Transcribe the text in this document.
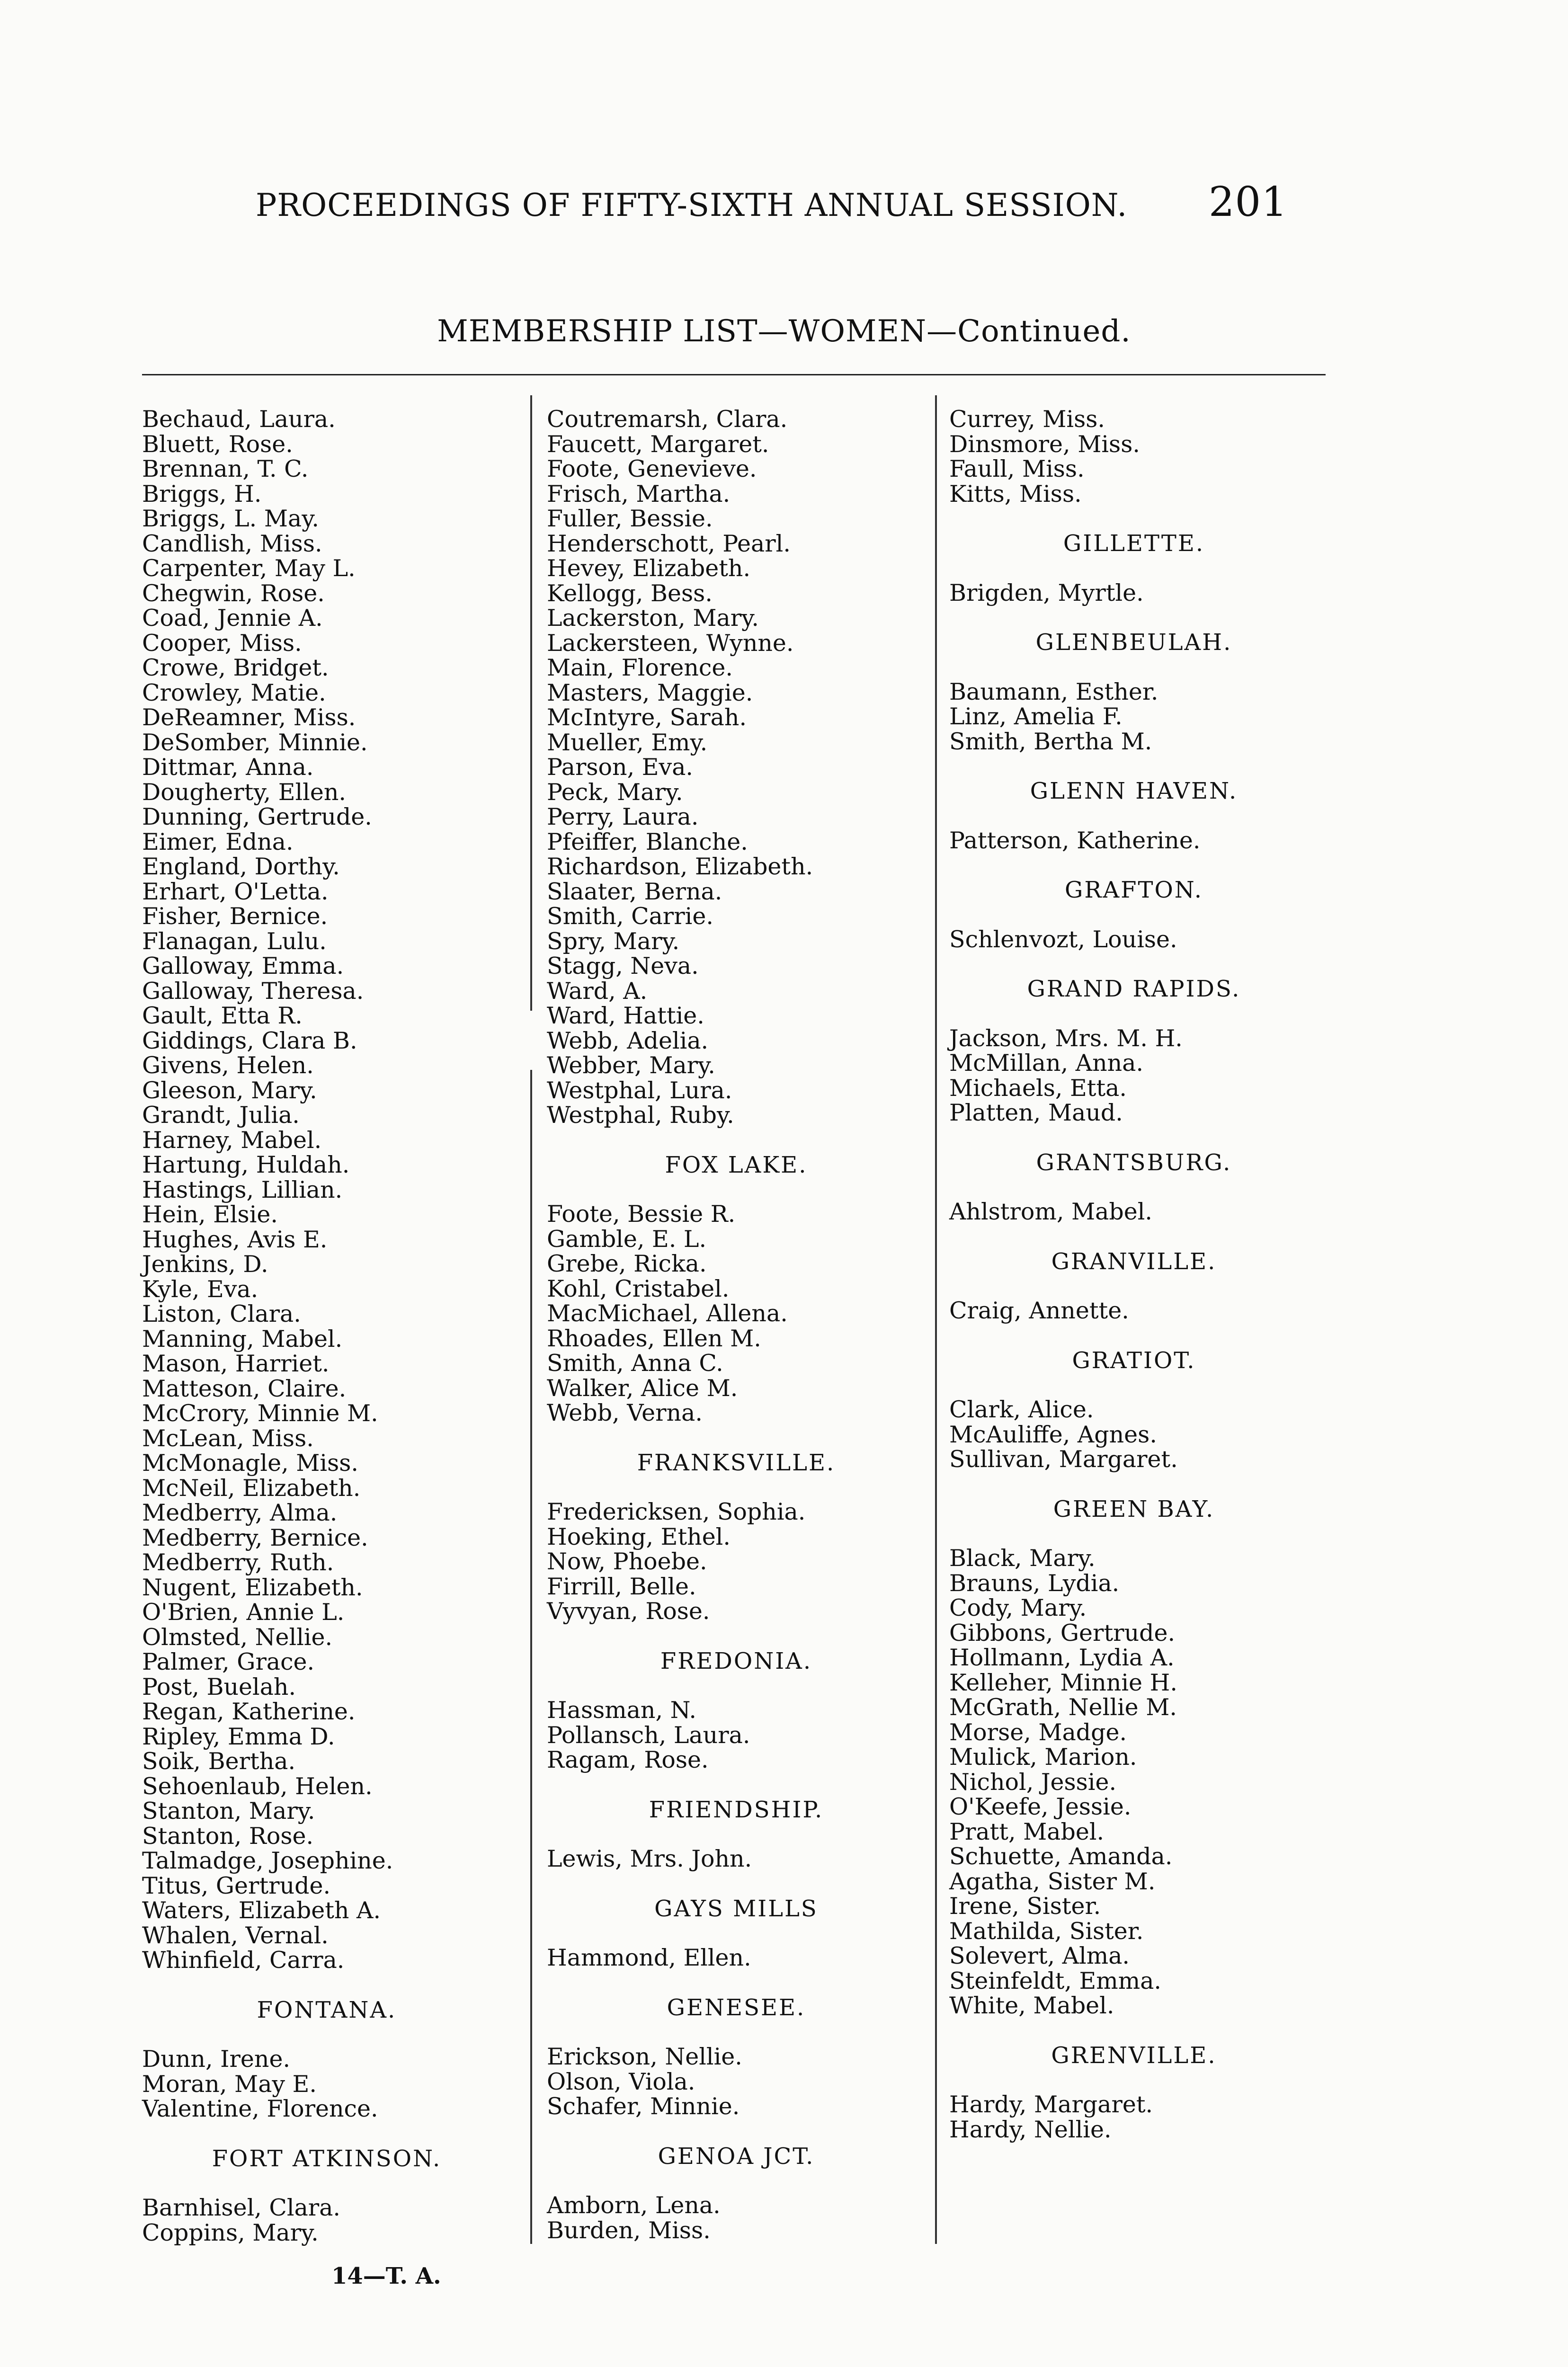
PROCEEDINGS OF FIFTY-SIXTH ANNUAL SESSION. 201
MEMBERSHIP LIST—WOMEN—Continued.
Bechaud, Laura.
Bluett, Rose.
Brennan, T. C.
Briggs, H.
Briggs, L. May.
Candlish, Miss.
Carpenter, May L.
Chegwin, Rose.
Coad, Jennie A.
Cooper, Miss.
Crowe, Bridget.
Crowley, Matie.
DeReamner, Miss.
DeSomber, Minnie.
Dittmar, Anna.
Dougherty, Ellen.
Dunning, Gertrude.
Eimer, Edna.
England, Dorthy.
Erhart, O'Letta.
Fisher, Bernice.
Flanagan, Lulu.
Galloway, Emma.
Galloway, Theresa.
Gault, Etta R.
Giddings, Clara B.
Givens, Helen.
Gleeson, Mary.
Grandt, Julia.
Harney, Mabel.
Hartung, Huldah.
Hastings, Lillian.
Hein, Elsie.
Hughes, Avis E.
Jenkins, D.
Kyle, Eva.
Liston, Clara.
Manning, Mabel.
Mason, Harriet.
Matteson, Claire.
McCrory, Minnie M.
McLean, Miss.
McMonagle, Miss.
McNeil, Elizabeth.
Medberry, Alma.
Medberry, Bernice.
Medberry, Ruth.
Nugent, Elizabeth.
O'Brien, Annie L.
Olmsted, Nellie.
Palmer, Grace.
Post, Buelah.
Regan, Katherine.
Ripley, Emma D.
Soik, Bertha.
Sehoenlaub, Helen.
Stanton, Mary.
Stanton, Rose.
Talmadge, Josephine.
Titus, Gertrude.
Waters, Elizabeth A.
Whalen, Vernal.
Whinfield, Carra.
FONTANA.
Dunn, Irene.
Moran, May E.
Valentine, Florence.
FORT ATKINSON.
Barnhisel, Clara.
Coppins, Mary.
Coutremarsh, Clara.
Faucett, Margaret.
Foote, Genevieve.
Frisch, Martha.
Fuller, Bessie.
Henderschott, Pearl.
Hevey, Elizabeth.
Kellogg, Bess.
Lackerston, Mary.
Lackersteen, Wynne.
Main, Florence.
Masters, Maggie.
McIntyre, Sarah.
Mueller, Emy.
Parson, Eva.
Peck, Mary.
Perry, Laura.
Pfeiffer, Blanche.
Richardson, Elizabeth.
Slaater, Berna.
Smith, Carrie.
Spry, Mary.
Stagg, Neva.
Ward, A.
Ward, Hattie.
Webb, Adelia.
Webber, Mary.
Westphal, Lura.
Westphal, Ruby.
FOX LAKE.
Foote, Bessie R.
Gamble, E. L.
Grebe, Ricka.
Kohl, Cristabel.
MacMichael, Allena.
Rhoades, Ellen M.
Smith, Anna C.
Walker, Alice M.
Webb, Verna.
FRANKSVILLE.
Fredericksen, Sophia.
Hoeking, Ethel.
Now, Phoebe.
Firrill, Belle.
Vyvyan, Rose.
FREDONIA.
Hassman, N.
Pollansch, Laura.
Ragam, Rose.
FRIENDSHIP.
Lewis, Mrs. John.
GAYS MILLS
Hammond, Ellen.
GENESEE.
Erickson, Nellie.
Olson, Viola.
Schafer, Minnie.
GENOA JCT.
Amborn, Lena.
Burden, Miss.
Currey, Miss.
Dinsmore, Miss.
Faull, Miss.
Kitts, Miss.
GILLETTE.
Brigden, Myrtle.
GLENBEULAH.
Baumann, Esther.
Linz, Amelia F.
Smith, Bertha M.
GLENN HAVEN.
Patterson, Katherine.
GRAFTON.
Schlenvozt, Louise.
GRAND RAPIDS.
Jackson, Mrs. M. H.
McMillan, Anna.
Michaels, Etta.
Platten, Maud.
GRANTSBURG.
Ahlstrom, Mabel.
GRANVILLE.
Craig, Annette.
GRATIOT.
Clark, Alice.
McAuliffe, Agnes.
Sullivan, Margaret.
GREEN BAY.
Black, Mary.
Brauns, Lydia.
Cody, Mary.
Gibbons, Gertrude.
Hollmann, Lydia A.
Kelleher, Minnie H.
McGrath, Nellie M.
Morse, Madge.
Mulick, Marion.
Nichol, Jessie.
O'Keefe, Jessie.
Pratt, Mabel.
Schuette, Amanda.
Agatha, Sister M.
Irene, Sister.
Mathilda, Sister.
Solevert, Alma.
Steinfeldt, Emma.
White, Mabel.
GRENVILLE.
Hardy, Margaret.
Hardy, Nellie.
14—T. A.
